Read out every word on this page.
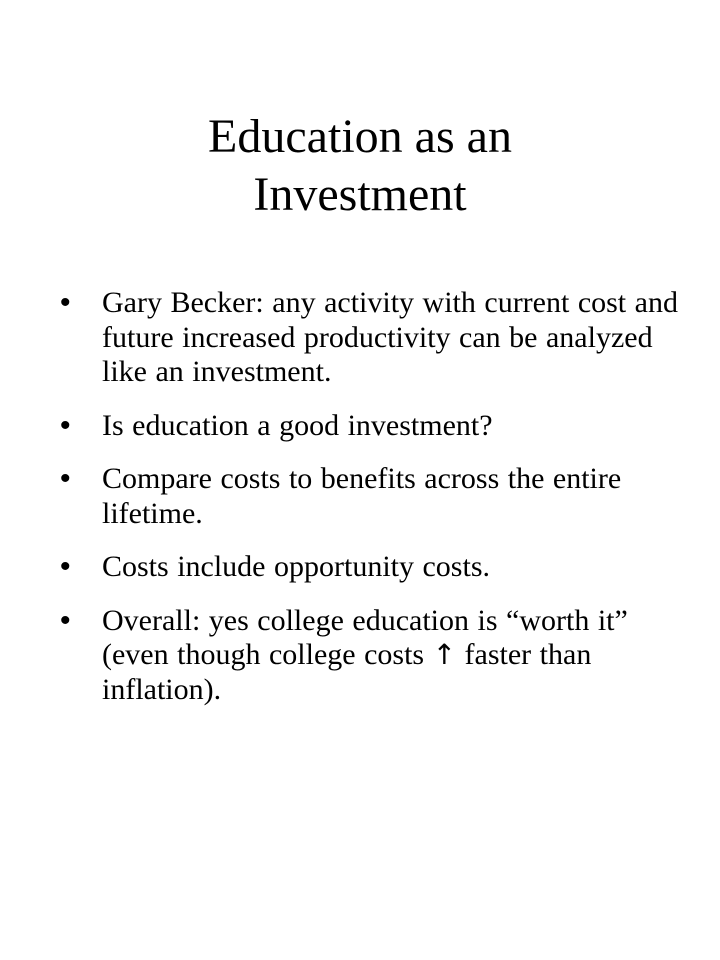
Education as an
Investment
•	Gary Becker: any activity with current cost and future increased productivity can be analyzed like an investment.
•	Is education a good investment?
•	Compare costs to benefits across the entire lifetime.
•	Costs include opportunity costs.
•	Overall: yes college education is “worth it” (even though college costs ↑ faster than inflation).
